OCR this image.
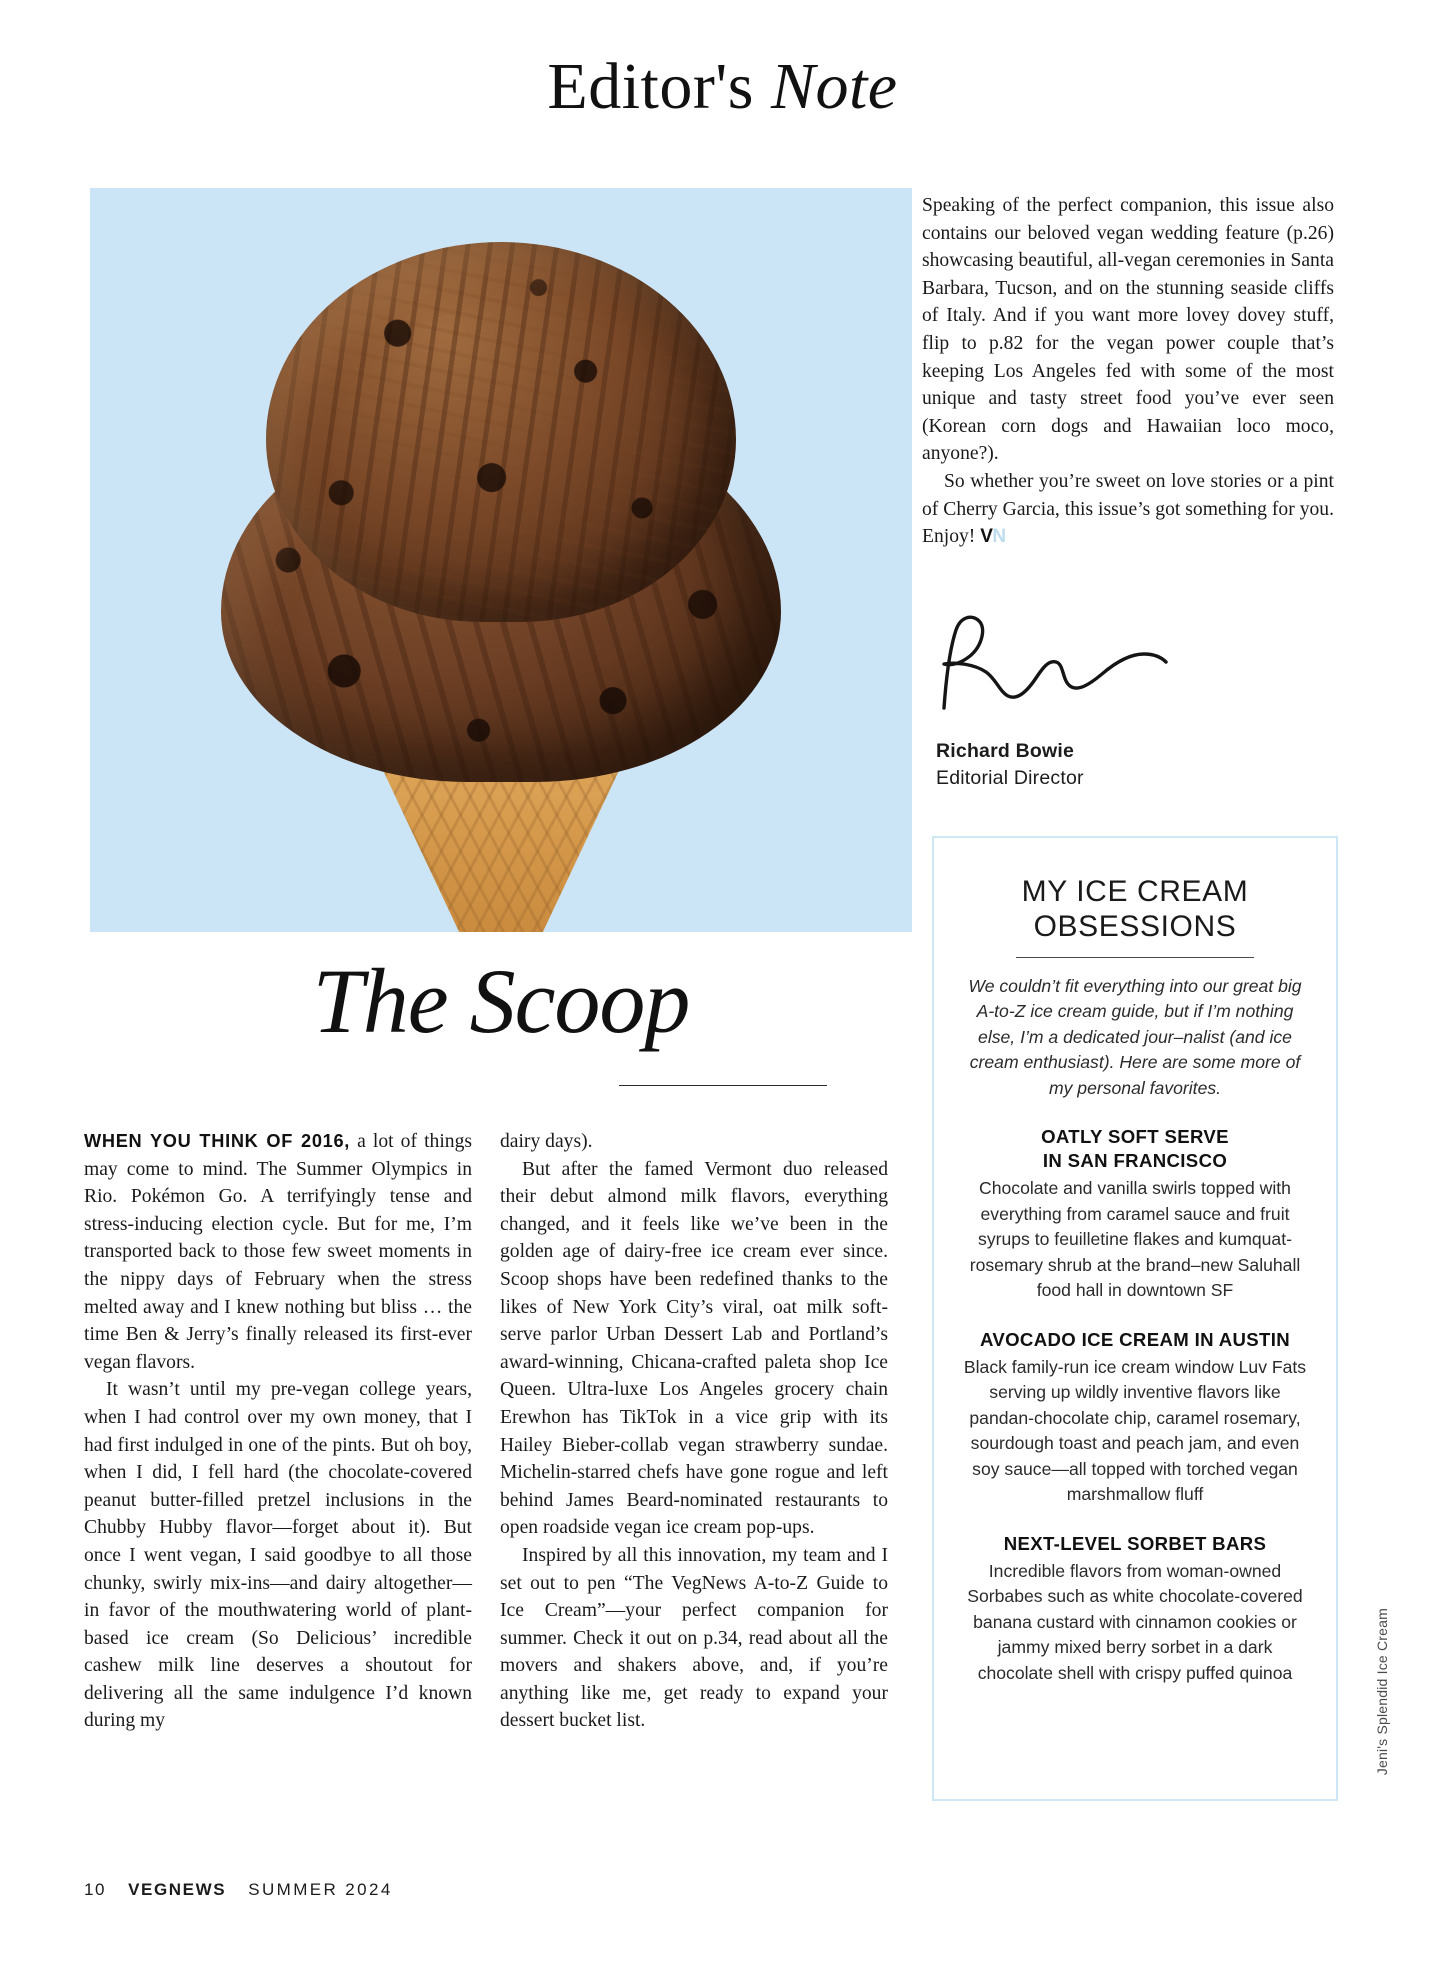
Editor's Note
The Scoop

Speaking of the perfect companion, this issue also contains our beloved vegan wedding feature (p.26) showcasing beautiful, all-vegan ceremonies in Santa Barbara, Tucson, and on the stunning seaside cliffs of Italy. And if you want more lovey dovey stuff, flip to p.82 for the vegan power couple that’s keeping Los Angeles fed with some of the most unique and tasty street food you’ve ever seen (Korean corn dogs and Hawaiian loco moco, anyone?).

So whether you’re sweet on love stories or a pint of Cherry Garcia, this issue’s got something for you. Enjoy! VN

Richard Bowie
Editorial Director
MY ICE CREAM
OBSESSIONS
We couldn’t fit everything into our great big A-to-Z ice cream guide, but if I’m nothing else, I’m a dedicated jour–nalist (and ice cream enthusiast). Here are some more of my personal favorites.
OATLY SOFT SERVE
IN SAN FRANCISCO
Chocolate and vanilla swirls topped with everything from caramel sauce and fruit syrups to feuilletine flakes and kumquat-rosemary shrub at the brand–new Saluhall food hall in downtown SF
AVOCADO ICE CREAM IN AUSTIN
Black family-run ice cream window Luv Fats serving up wildly inventive flavors like pandan-chocolate chip, caramel rosemary, sourdough toast and peach jam, and even soy sauce—all topped with torched vegan marshmallow fluff
NEXT-LEVEL SORBET BARS
Incredible flavors from woman-owned Sorbabes such as white chocolate-covered banana custard with cinnamon cookies or jammy mixed berry sorbet in a dark chocolate shell with crispy puffed quinoa

WHEN YOU THINK OF 2016, a lot of things may come to mind. The Summer Olympics in Rio. Pokémon Go. A terrifyingly tense and stress-inducing election cycle. But for me, I’m transported back to those few sweet moments in the nippy days of February when the stress melted away and I knew nothing but bliss … the time Ben & Jerry’s finally released its first-ever vegan flavors.

It wasn’t until my pre-vegan college years, when I had control over my own money, that I had first indulged in one of the pints. But oh boy, when I did, I fell hard (the chocolate-covered peanut butter-filled pretzel inclusions in the Chubby Hubby flavor—forget about it). But once I went vegan, I said goodbye to all those chunky, swirly mix-ins—and dairy altogether—in favor of the mouthwatering world of plant-based ice cream (So Delicious’ incredible cashew milk line deserves a shoutout for delivering all the same indulgence I’d known during my

dairy days).

But after the famed Vermont duo released their debut almond milk flavors, everything changed, and it feels like we’ve been in the golden age of dairy-free ice cream ever since. Scoop shops have been redefined thanks to the likes of New York City’s viral, oat milk soft-serve parlor Urban Dessert Lab and Portland’s award-winning, Chicana-crafted paleta shop Ice Queen. Ultra-luxe Los Angeles grocery chain Erewhon has TikTok in a vice grip with its Hailey Bieber-collab vegan strawberry sundae. Michelin-starred chefs have gone rogue and left behind James Beard-nominated restaurants to open roadside vegan ice cream pop-ups.

Inspired by all this innovation, my team and I set out to pen “The VegNews A-to-Z Guide to Ice Cream”—your perfect companion for summer. Check it out on p.34, read about all the movers and shakers above, and, if you’re anything like me, get ready to expand your dessert bucket list.	Jeni's Splendid Ice Cream
10 VEGNEWS SUMMER 2024
